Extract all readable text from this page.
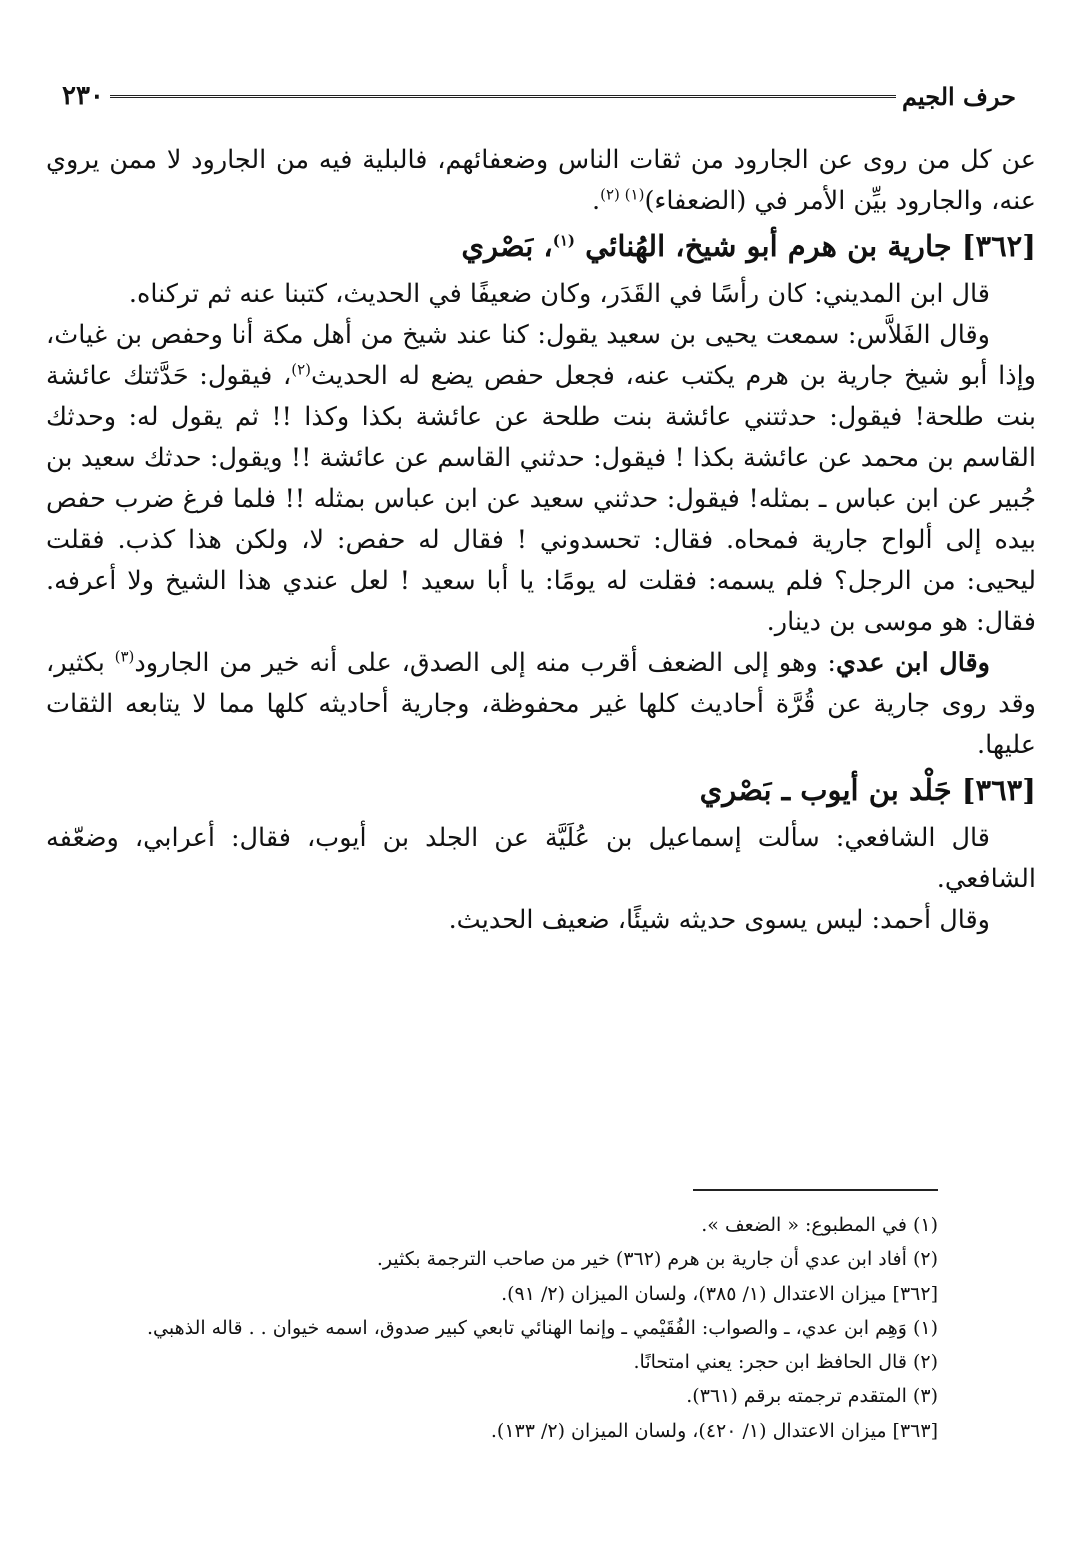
حرف الجيم
٢٣٠

عن كل من روى عن الجارود من ثقات الناس وضعفائهم، فالبلية فيه من الجارود لا ممن يروي عنه، والجارود بيِّن الأمر في (الضعفاء)$^{(١) (٢)}$.

[٣٦٢] جارية بن هرم أبو شيخ، الهُنائي $^{(١)}$، بَصْري

قال ابن المديني: كان رأسًا في القَدَر، وكان ضعيفًا في الحديث، كتبنا عنه ثم تركناه.

وقال الفَلاَّس: سمعت يحيى بن سعيد يقول: كنا عند شيخ من أهل مكة أنا وحفص بن غياث، وإذا أبو شيخ جارية بن هرم يكتب عنه، فجعل حفص يضع له الحديث$^{(٢)}$، فيقول: حَدَّثتك عائشة بنت طلحة! فيقول: حدثتني عائشة بنت طلحة عن عائشة بكذا وكذا !! ثم يقول له: وحدثك القاسم بن محمد عن عائشة بكذا ! فيقول: حدثني القاسم عن عائشة !! ويقول: حدثك سعيد بن جُبير عن ابن عباس ـ بمثله! فيقول: حدثني سعيد عن ابن عباس بمثله !! فلما فرغ ضرب حفص بيده إلى ألواح جارية فمحاه. فقال: تحسدوني ! فقال له حفص: لا، ولكن هذا كذب. فقلت ليحيى: من الرجل؟ فلم يسمه: فقلت له يومًا: يا أبا سعيد ! لعل عندي هذا الشيخ ولا أعرفه. فقال: هو موسى بن دينار.

وقال ابن عدي: وهو إلى الضعف أقرب منه إلى الصدق، على أنه خير من الجارود$^{(٣)}$ بكثير، وقد روى جارية عن قُرَّة أحاديث كلها غير محفوظة، وجارية أحاديثه كلها مما لا يتابعه الثقات عليها.

[٣٦٣] جَلْد بن أيوب ـ بَصْري

قال الشافعي: سألت إسماعيل بن عُلَيَّة عن الجلد بن أيوب، فقال: أعرابي، وضعّفه الشافعي.

وقال أحمد: ليس يسوى حديثه شيئًا، ضعيف الحديث.

(١) في المطبوع: « الضعف ».

(٢) أفاد ابن عدي أن جارية بن هرم (٣٦٢) خير من صاحب الترجمة بكثير.

[٣٦٢] ميزان الاعتدال (١/ ٣٨٥)، ولسان الميزان (٢/ ٩١).

(١) وَهِم ابن عدي، ـ والصواب: الفُقَيْمي ـ وإنما الهنائي تابعي كبير صدوق، اسمه خيوان . . قاله الذهبي.

(٢) قال الحافظ ابن حجر: يعني امتحانًا.

(٣) المتقدم ترجمته برقم (٣٦١).

[٣٦٣] ميزان الاعتدال (١/ ٤٢٠)، ولسان الميزان (٢/ ١٣٣).
